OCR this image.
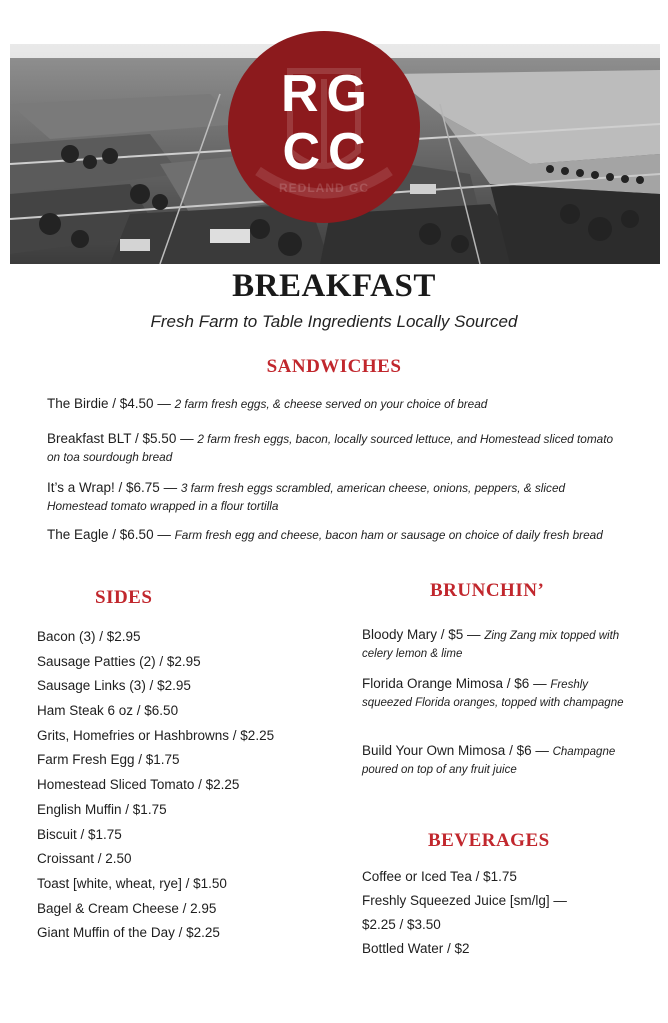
RG
CC
REDLAND GC
BREAKFAST
Fresh Farm to Table Ingredients Locally Sourced
SANDWICHES
The Birdie / $4.50 — 2 farm fresh eggs, & cheese served on your choice of bread
Breakfast BLT / $5.50 — 2 farm fresh eggs, bacon, locally sourced lettuce, and Homestead sliced tomato on toa sourdough bread
It’s a Wrap! / $6.75 — 3 farm fresh eggs scrambled, american cheese, onions, peppers, & sliced Homestead tomato wrapped in a flour tortilla
The Eagle / $6.50 — Farm fresh egg and cheese, bacon ham or sausage on choice of daily fresh bread
SIDES
Bacon (3) / $2.95
Sausage Patties (2) / $2.95
Sausage Links (3) / $2.95
Ham Steak 6 oz / $6.50
Grits, Homefries or Hashbrowns / $2.25
Farm Fresh Egg / $1.75
Homestead Sliced Tomato / $2.25
English Muffin / $1.75
Biscuit / $1.75
Croissant / 2.50
Toast [white, wheat, rye] / $1.50
Bagel & Cream Cheese / 2.95
Giant Muffin of the Day / $2.25
BRUNCHIN’
Bloody Mary / $5 — Zing Zang mix topped with celery lemon & lime
Florida Orange Mimosa / $6 — Freshly squeezed Florida oranges, topped with champagne
Build Your Own Mimosa / $6 — Champagne poured on top of any fruit juice
BEVERAGES
Coffee or Iced Tea / $1.75
Freshly Squeezed Juice [sm/lg] —
$2.25 / $3.50
Bottled Water / $2
